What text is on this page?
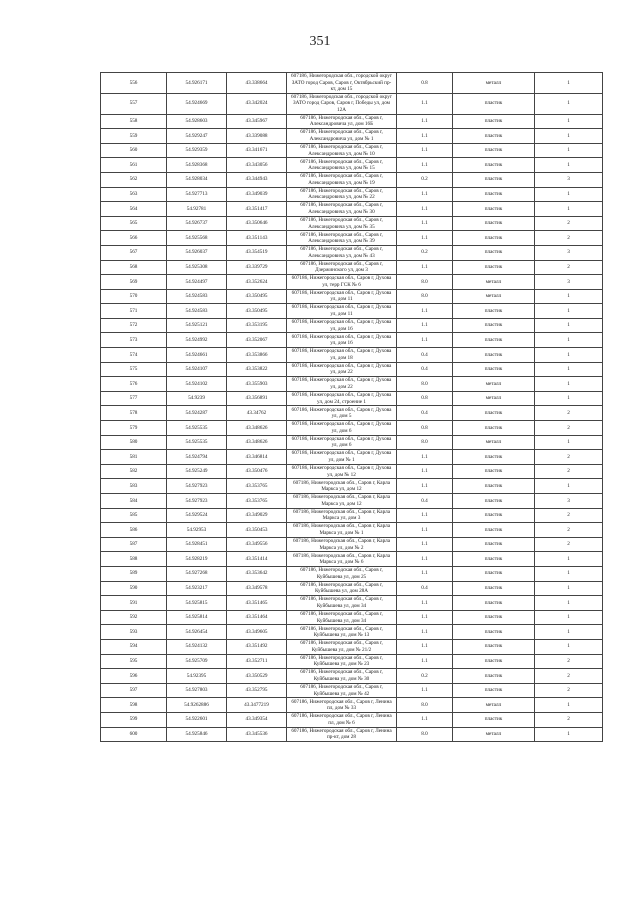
351
556	54.926171	43.338664	607186, Нижегородская обл., городской округ ЗАТО город Саров, Саров г, Октябрьский пр-кт, дом 15	0.8	металл	1
557	54.924669	43.342024	607186, Нижегородская обл., городской округ ЗАТО город Саров, Саров г, Победы ул, дом 12А	1.1	пластик	1
558	54.928603	43.345967	607186, Нижегородская обл., Саров г, Александровича ул, дом 16Б	1.1	пластик	1
559	54.929247	43.339088	607186, Нижегородская обл., Саров г, Александровича ул, дом № 1	1.1	пластик	1
560	54.929359	43.341671	607186, Нижегородская обл., Саров г, Александровича ул, дом № 10	1.1	пластик	1
561	54.928368	43.343056	607186, Нижегородская обл., Саров г, Александровича ул, дом № 15	1.1	пластик	1
562	54.928034	43.344943	607186, Нижегородская обл., Саров г, Александровича ул, дом № 19	0.2	пластик	3
563	54.927713	43.349039	607186, Нижегородская обл., Саров г, Александровича ул, дом № 22	1.1	пластик	1
564	54.92781	43.351417	607186, Нижегородская обл., Саров г, Александровича ул, дом № 30	1.1	пластик	1
565	54.926737	43.350646	607186, Нижегородская обл., Саров г, Александровича ул, дом № 35	1.1	пластик	2
566	54.925568	43.351143	607186, Нижегородская обл., Саров г, Александровича ул, дом № 39	1.1	пластик	2
567	54.926037	43.354519	607186, Нижегородская обл., Саров г, Александровича ул, дом № 43	0.2	пластик	3
568	54.925308	43.339729	607186, Нижегородская обл., Саров г, Дзержинского ул, дом 3	1.1	пластик	2
569	54.924497	43.352624	607186, Нижегородская обл., Саров г, Духова ул, терр ГСК № 6	8.0	металл	3
570	54.924583	43.350495	607186, Нижегородская обл., Саров г, Духова ул, дом 11	8.0	металл	1
571	54.924583	43.350495	607186, Нижегородская обл., Саров г, Духова ул, дом 11	1.1	пластик	1
572	54.925121	43.353195	607186, Нижегородская обл., Саров г, Духова ул, дом 16	1.1	пластик	1
573	54.924992	43.352067	607186, Нижегородская обл., Саров г, Духова ул, дом 16	1.1	пластик	1
574	54.924661	43.353866	607186, Нижегородская обл., Саров г, Духова ул, дом 18	0.4	пластик	1
575	54.924107	43.353822	607186, Нижегородская обл., Саров г, Духова ул, дом 22	0.4	пластик	1
576	54.924102	43.355903	607186, Нижегородская обл., Саров г, Духова ул, дом 22	8.0	металл	1
577	54.9239	43.356891	607186, Нижегородская обл., Саров г, Духова ул, дом 24, строение 1	0.8	металл	1
578	54.924287	43.34762	607186, Нижегородская обл., Саров г, Дуxова ул, дом 5	0.4	пластик	2
579	54.925535	43.348626	607186, Нижегородская обл., Саров г, Духова ул, дом 6	0.8	пластик	2
580	54.925535	43.348626	607186, Нижегородская обл., Саров г, Духова ул, дом 6	8.0	металл	1
581	54.924794	43.346814	607186, Нижегородская обл., Саров г, Духова ул, дом № 1	1.1	пластик	2
582	54.925249	43.350476	607186, Нижегородская обл., Саров г, Духова ул, дом № 12	1.1	пластик	2
583	54.927923	43.353765	607186, Нижегородская обл., Саров г, Карла Маркса ул, дом 12	1.1	пластик	1
584	54.927923	43.353765	607186, Нижегородская обл., Саров г, Карла Маркса ул, дом 12	0.4	пластик	3
585	54.929524	43.349029	607186, Нижегородская обл., Саров г, Карла Маркса ул, дом 3	1.1	пластик	2
586	54.92953	43.350453	607186, Нижегородская обл., Саров г, Карла Маркса ул, дом № 1	1.1	пластик	2
587	54.928451	43.349556	607186, Нижегородская обл., Саров г, Карла Маркса ул, дом № 2	1.1	пластик	2
588	54.928219	43.351414	607186, Нижегородская обл., Саров г, Карла Маркса ул, дом № 6	1.1	пластик	1
589	54.927268	43.353642	607186, Нижегородская обл., Саров г, Куйбышева ул, дом 25	1.1	пластик	1
590	54.923217	43.349578	607186, Нижегородская обл., Саров г, Куйбышева ул, дом 28А	0.4	пластик	1
591	54.925815	43.351465	607186, Нижегородская обл., Саров г, Куйбышева ул, дом 34	1.1	пластик	1
592	54.925814	43.351464	607186, Нижегородская обл., Саров г, Куйбышева ул, дом 34	1.1	пластик	1
593	54.926454	43.349605	607186, Нижегородская обл., Саров г, Куйбышева ул, дом № 13	1.1	пластик	1
594	54.924132	43.351492	607186, Нижегородская обл., Саров г, Куйбышева ул, дом № 21/2	1.1	пластик	1
595	54.925709	43.352711	607186, Нижегородская обл., Саров г, Куйбышева ул, дом № 23	1.1	пластик	2
596	54.92395	43.350529	607186, Нижегородская обл., Саров г, Куйбышева ул, дом № 30	0.2	пластик	2
597	54.927803	43.352795	607186, Нижегородская обл., Саров г, Куйбышева ул, дом № 42	1.1	пластик	2
598	54.9262886	43.3477219	607186, Нижегородская обл., Саров г, Ленина пл, дом № 33	8.0	металл	1
599	54.922601	43.349354	607186, Нижегородская обл., Саров г, Ленина пл, дом № 6	1.1	пластик	2
600	54.925846	43.345536	607186, Нижегородская обл., Саров г, Ленина пр-кт, дом 28	8.0	металл	1
